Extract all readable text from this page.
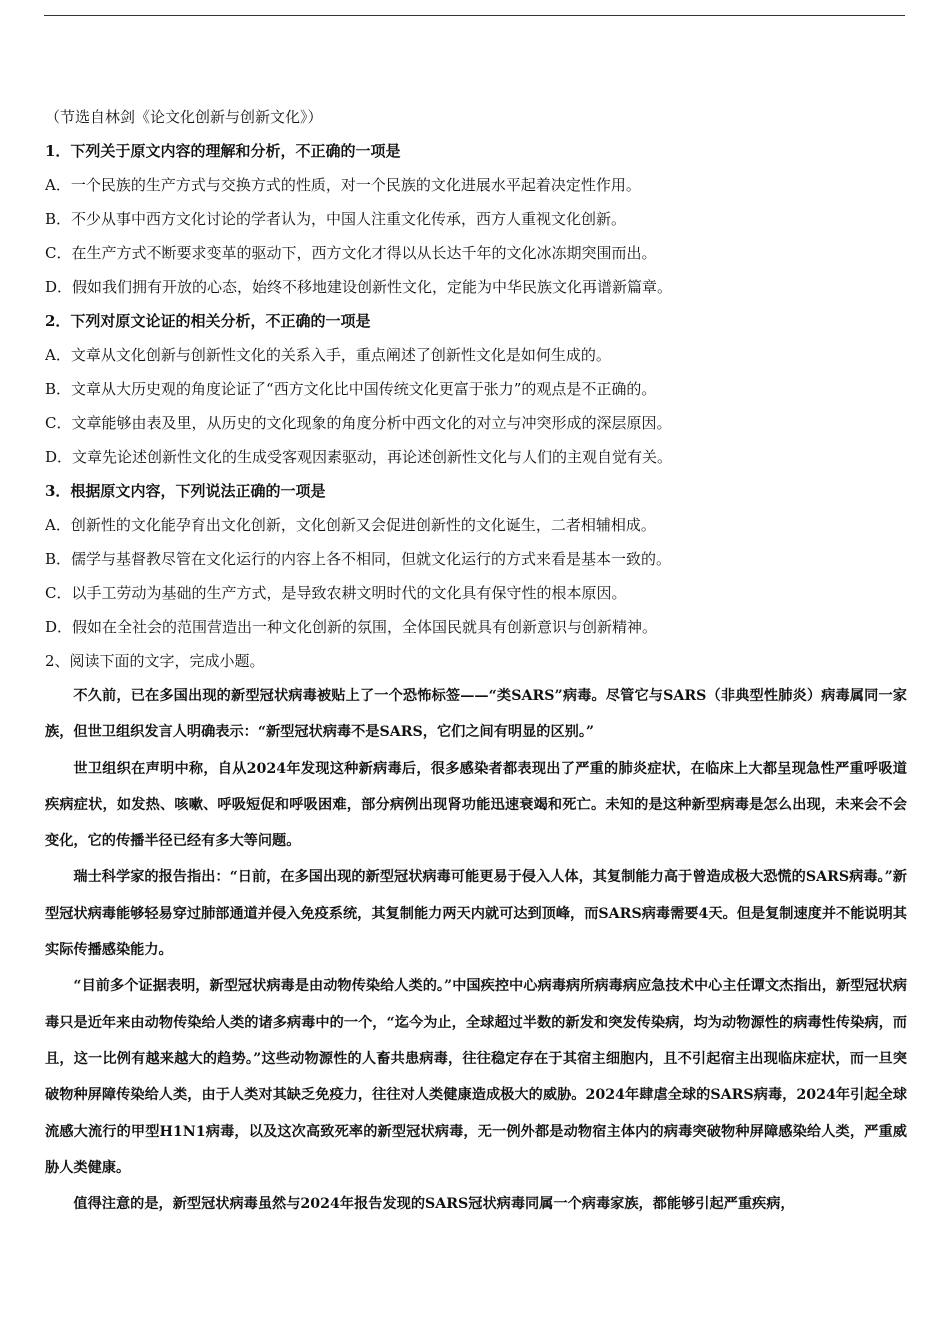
（节选自林剑《论文化创新与创新文化》）
1．下列关于原文内容的理解和分析，不正确的一项是
A．一个民族的生产方式与交换方式的性质，对一个民族的文化进展水平起着决定性作用。
B．不少从事中西方文化讨论的学者认为，中国人注重文化传承，西方人重视文化创新。
C．在生产方式不断要求变革的驱动下，西方文化才得以从长达千年的文化冰冻期突围而出。
D．假如我们拥有开放的心态，始终不移地建设创新性文化，定能为中华民族文化再谱新篇章。
2．下列对原文论证的相关分析，不正确的一项是
A．文章从文化创新与创新性文化的关系入手，重点阐述了创新性文化是如何生成的。
B．文章从大历史观的角度论证了“西方文化比中国传统文化更富于张力”的观点是不正确的。
C．文章能够由表及里，从历史的文化现象的角度分析中西文化的对立与冲突形成的深层原因。
D．文章先论述创新性文化的生成受客观因素驱动，再论述创新性文化与人们的主观自觉有关。
3．根据原文内容，下列说法正确的一项是
A．创新性的文化能孕育出文化创新，文化创新又会促进创新性的文化诞生，二者相辅相成。
B．儒学与基督教尽管在文化运行的内容上各不相同，但就文化运行的方式来看是基本一致的。
C．以手工劳动为基础的生产方式，是导致农耕文明时代的文化具有保守性的根本原因。
D．假如在全社会的范围营造出一种文化创新的氛围，全体国民就具有创新意识与创新精神。
2、阅读下面的文字，完成小题。

不久前，已在多国出现的新型冠状病毒被贴上了一个恐怖标签——“类SARS”病毒。尽管它与SARS（非典型性肺炎）病毒属同一家族，但世卫组织发言人明确表示：“新型冠状病毒不是SARS，它们之间有明显的区别。”

世卫组织在声明中称，自从2024年发现这种新病毒后，很多感染者都表现出了严重的肺炎症状，在临床上大都呈现急性严重呼吸道疾病症状，如发热、咳嗽、呼吸短促和呼吸困难，部分病例出现肾功能迅速衰竭和死亡。未知的是这种新型病毒是怎么出现，未来会不会变化，它的传播半径已经有多大等问题。

瑞士科学家的报告指出：“日前，在多国出现的新型冠状病毒可能更易于侵入人体，其复制能力高于曾造成极大恐慌的SARS病毒。”新型冠状病毒能够轻易穿过肺部通道并侵入免疫系统，其复制能力两天内就可达到顶峰，而SARS病毒需要4天。但是复制速度并不能说明其实际传播感染能力。

“目前多个证据表明，新型冠状病毒是由动物传染给人类的。”中国疾控中心病毒病所病毒病应急技术中心主任谭文杰指出，新型冠状病毒只是近年来由动物传染给人类的诸多病毒中的一个，“迄今为止，全球超过半数的新发和突发传染病，均为动物源性的病毒性传染病，而且，这一比例有越来越大的趋势。”这些动物源性的人畜共患病毒，往往稳定存在于其宿主细胞内，且不引起宿主出现临床症状，而一旦突破物种屏障传染给人类，由于人类对其缺乏免疫力，往往对人类健康造成极大的威胁。2024年肆虐全球的SARS病毒，2024年引起全球流感大流行的甲型H1N1病毒，以及这次高致死率的新型冠状病毒，无一例外都是动物宿主体内的病毒突破物种屏障感染给人类，严重威胁人类健康。

值得注意的是，新型冠状病毒虽然与2024年报告发现的SARS冠状病毒同属一个病毒家族，都能够引起严重疾病，
